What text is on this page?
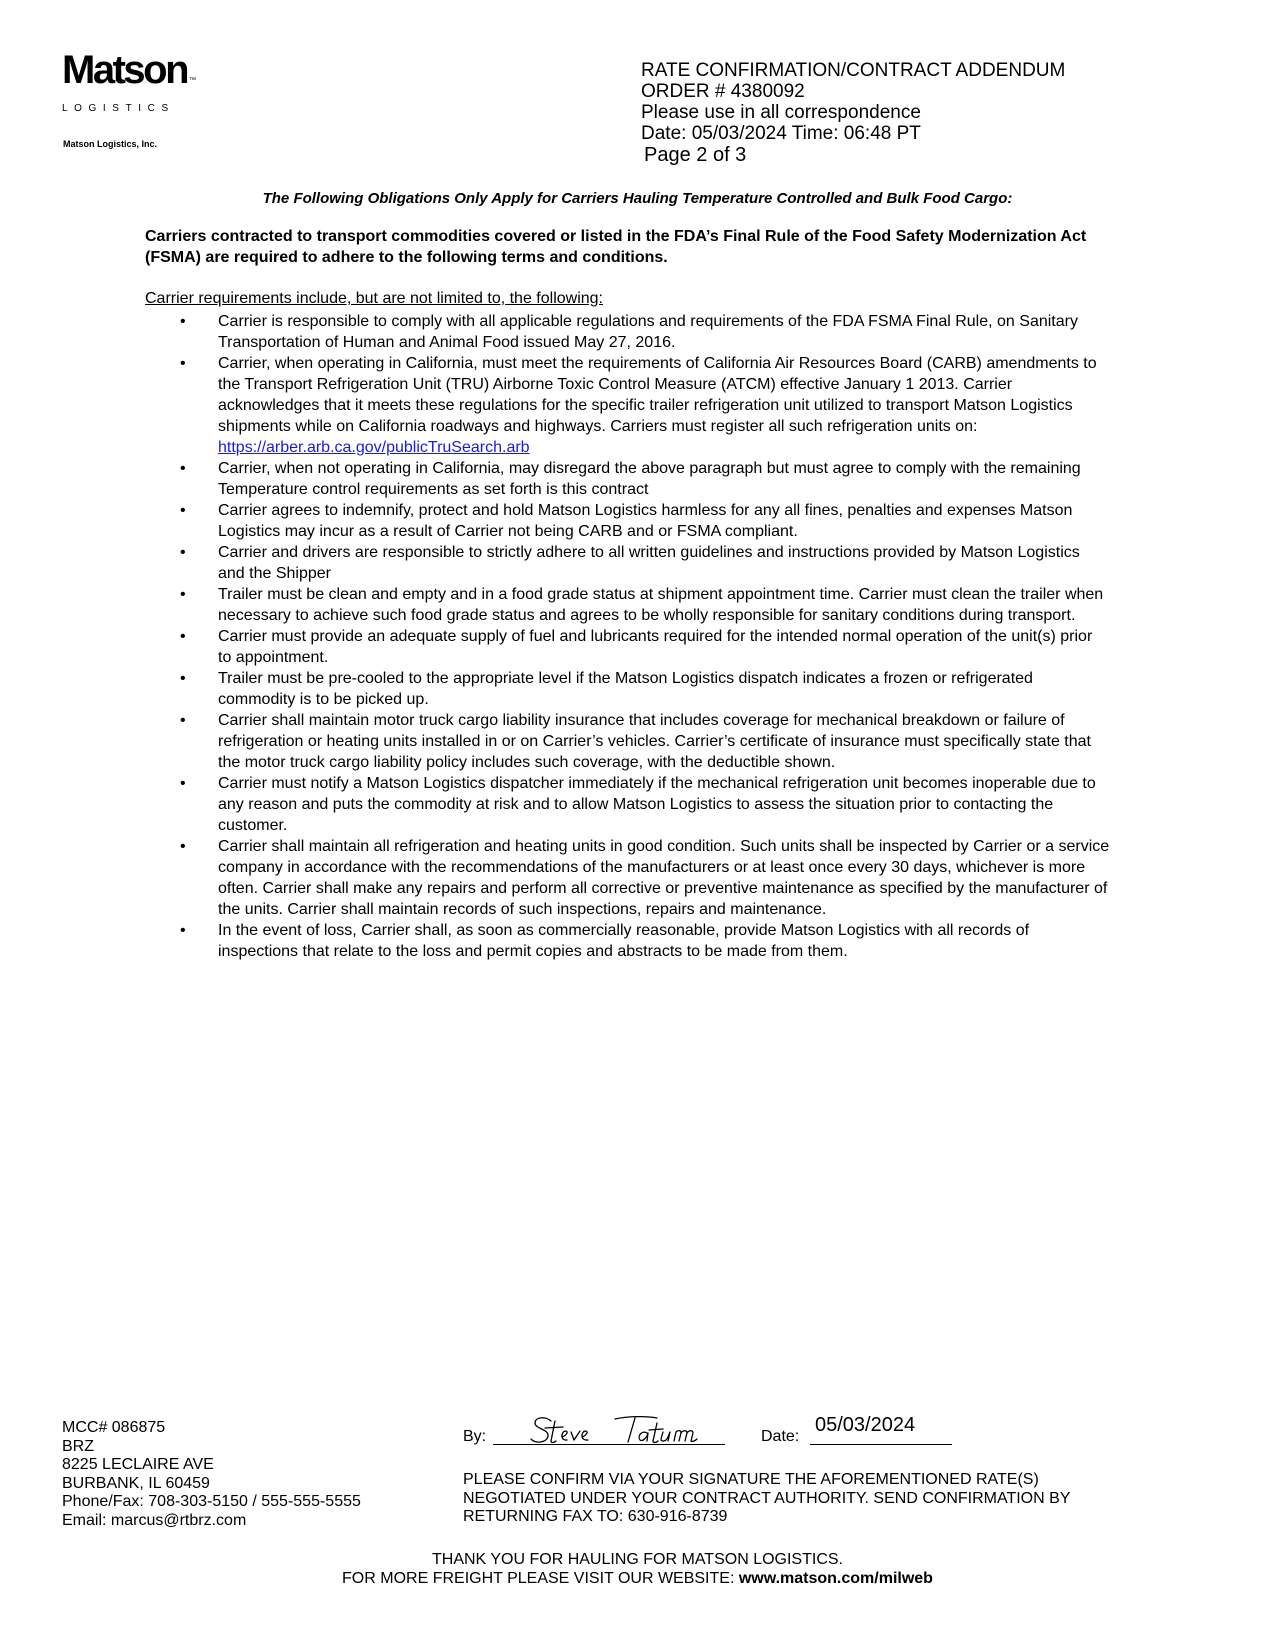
Matson ™
LOGISTICS
Matson Logistics, Inc.
RATE CONFIRMATION/CONTRACT ADDENDUM
ORDER # 4380092
Please use in all correspondence
Date: 05/03/2024 Time: 06:48 PT
Page 2 of 3
The Following Obligations Only Apply for Carriers Hauling Temperature Controlled and Bulk Food Cargo:
Carriers contracted to transport commodities covered or listed in the FDA’s Final Rule of the Food Safety Modernization Act (FSMA) are required to adhere to the following terms and conditions.
Carrier requirements include, but are not limited to, the following:
• Carrier is responsible to comply with all applicable regulations and requirements of the FDA FSMA Final Rule, on Sanitary Transportation of Human and Animal Food issued May 27, 2016.
• Carrier, when operating in California, must meet the requirements of California Air Resources Board (CARB) amendments to the Transport Refrigeration Unit (TRU) Airborne Toxic Control Measure (ATCM) effective January 1 2013. Carrier acknowledges that it meets these regulations for the specific trailer refrigeration unit utilized to transport Matson Logistics shipments while on California roadways and highways. Carriers must register all such refrigeration units on: https://arber.arb.ca.gov/publicTruSearch.arb
• Carrier, when not operating in California, may disregard the above paragraph but must agree to comply with the remaining Temperature control requirements as set forth is this contract
• Carrier agrees to indemnify, protect and hold Matson Logistics harmless for any all fines, penalties and expenses Matson Logistics may incur as a result of Carrier not being CARB and or FSMA compliant.
• Carrier and drivers are responsible to strictly adhere to all written guidelines and instructions provided by Matson Logistics and the Shipper
• Trailer must be clean and empty and in a food grade status at shipment appointment time. Carrier must clean the trailer when necessary to achieve such food grade status and agrees to be wholly responsible for sanitary conditions during transport.
• Carrier must provide an adequate supply of fuel and lubricants required for the intended normal operation of the unit(s) prior to appointment.
• Trailer must be pre-cooled to the appropriate level if the Matson Logistics dispatch indicates a frozen or refrigerated commodity is to be picked up.
• Carrier shall maintain motor truck cargo liability insurance that includes coverage for mechanical breakdown or failure of refrigeration or heating units installed in or on Carrier’s vehicles. Carrier’s certificate of insurance must specifically state that the motor truck cargo liability policy includes such coverage, with the deductible shown.
• Carrier must notify a Matson Logistics dispatcher immediately if the mechanical refrigeration unit becomes inoperable due to any reason and puts the commodity at risk and to allow Matson Logistics to assess the situation prior to contacting the customer.
• Carrier shall maintain all refrigeration and heating units in good condition. Such units shall be inspected by Carrier or a service company in accordance with the recommendations of the manufacturers or at least once every 30 days, whichever is more often. Carrier shall make any repairs and perform all corrective or preventive maintenance as specified by the manufacturer of the units. Carrier shall maintain records of such inspections, repairs and maintenance.
• In the event of loss, Carrier shall, as soon as commercially reasonable, provide Matson Logistics with all records of inspections that relate to the loss and permit copies and abstracts to be made from them.
MCC# 086875
BRZ
8225 LECLAIRE AVE
BURBANK, IL 60459
Phone/Fax: 708-303-5150 / 555-555-5555
Email: marcus@rtbrz.com
By:	Date:
05/03/2024
PLEASE CONFIRM VIA YOUR SIGNATURE THE AFOREMENTIONED RATE(S)
NEGOTIATED UNDER YOUR CONTRACT AUTHORITY. SEND CONFIRMATION BY
RETURNING FAX TO: 630-916-8739
THANK YOU FOR HAULING FOR MATSON LOGISTICS.
FOR MORE FREIGHT PLEASE VISIT OUR WEBSITE: www.matson.com/milweb
